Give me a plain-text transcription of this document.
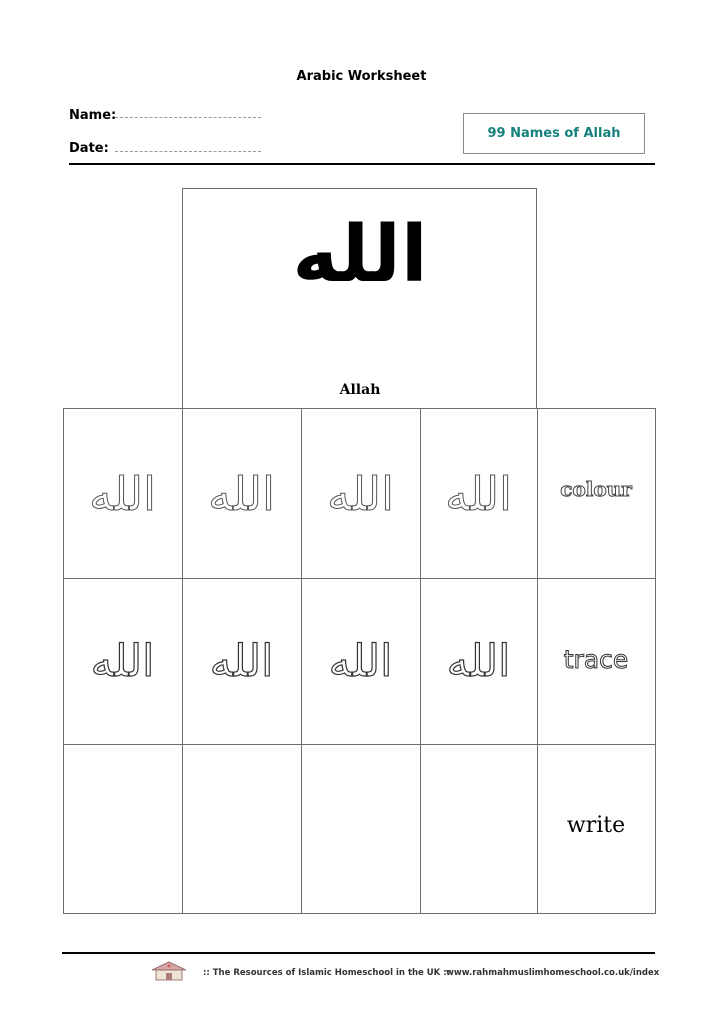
Arabic Worksheet
Name:
Date:
99 Names of Allah
الله
Allah
الله الله الله الله colour
الله الله الله الله trace
write
:: The Resources of Islamic Homeschool in the UK ::
www.rahmahmuslimhomeschool.co.uk/index
